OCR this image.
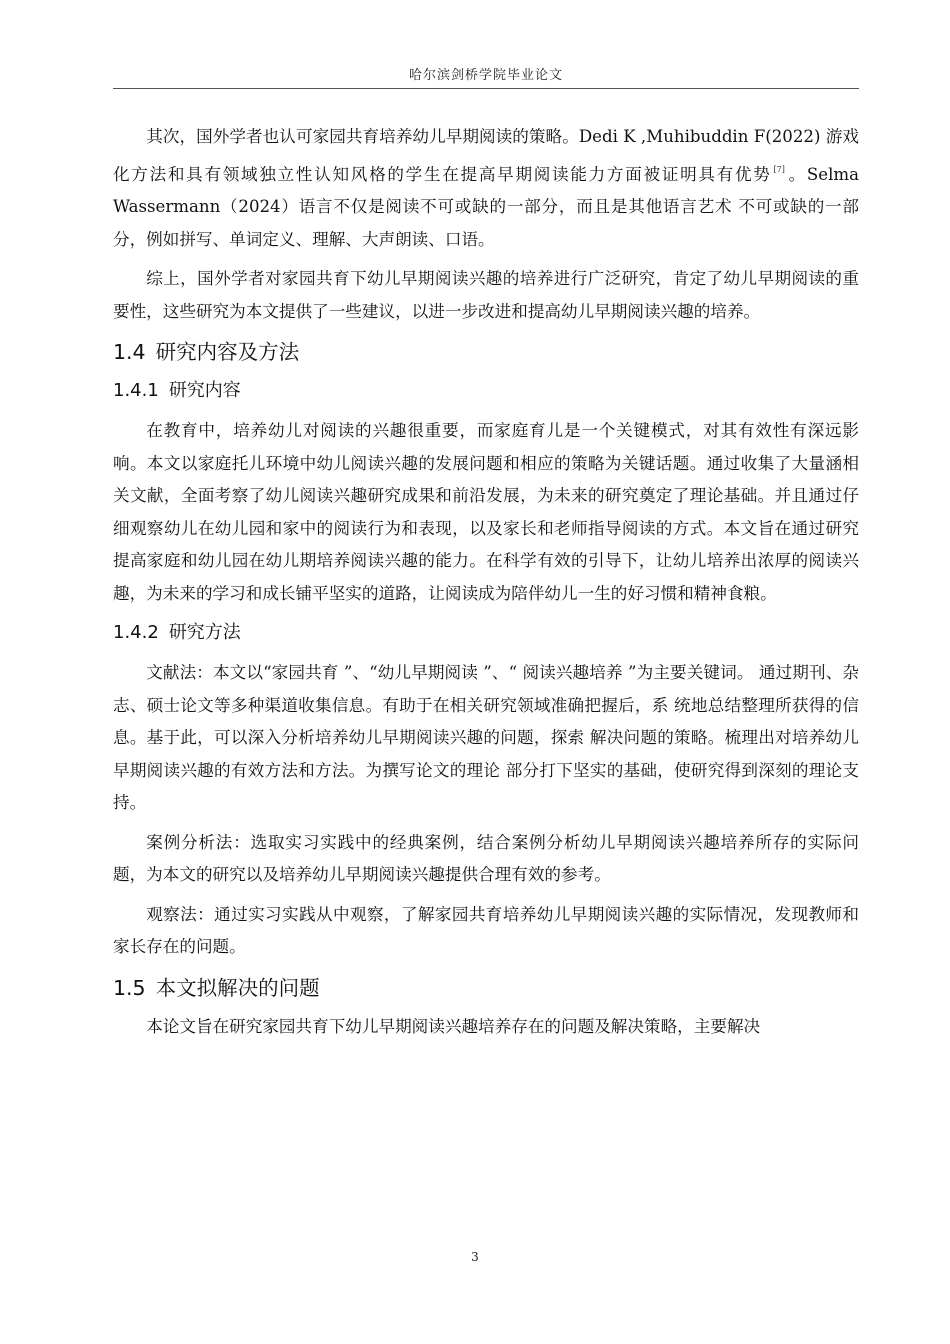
哈尔滨剑桥学院毕业论文

其次，国外学者也认可家园共育培养幼儿早期阅读的策略。Dedi K ,Muhibuddin F(2022) 游戏化方法和具有领域独立性认知风格的学生在提高早期阅读能力方面被证明具有优势 [7] 。Selma Wassermann（2024）语言不仅是阅读不可或缺的一部分，而且是其他语言艺术 不可或缺的一部分，例如拼写、单词定义、理解、大声朗读、口语。

综上，国外学者对家园共育下幼儿早期阅读兴趣的培养进行广泛研究，肯定了幼儿早期阅读的重要性，这些研究为本文提供了一些建议，以进一步改进和提高幼儿早期阅读兴趣的培养。

1.4 研究内容及方法
1.4.1 研究内容

在教育中，培养幼儿对阅读的兴趣很重要，而家庭育儿是一个关键模式，对其有效性有深远影响。本文以家庭托儿环境中幼儿阅读兴趣的发展问题和相应的策略为关键话题。通过收集了大量涵相关文献，全面考察了幼儿阅读兴趣研究成果和前沿发展，为未来的研究奠定了理论基础。并且通过仔细观察幼儿在幼儿园和家中的阅读行为和表现，以及家长和老师指导阅读的方式。本文旨在通过研究提高家庭和幼儿园在幼儿期培养阅读兴趣的能力。在科学有效的引导下，让幼儿培养出浓厚的阅读兴趣，为未来的学习和成长铺平坚实的道路，让阅读成为陪伴幼儿一生的好习惯和精神食粮。

1.4.2 研究方法

文献法：本文以“家园共育 ”、“幼儿早期阅读 ”、“ 阅读兴趣培养 ”为主要关键词。 通过期刊、杂志、硕士论文等多种渠道收集信息。有助于在相关研究领域准确把握后，系 统地总结整理所获得的信息。基于此，可以深入分析培养幼儿早期阅读兴趣的问题，探索 解决问题的策略。梳理出对培养幼儿早期阅读兴趣的有效方法和方法。为撰写论文的理论 部分打下坚实的基础，使研究得到深刻的理论支持。

案例分析法：选取实习实践中的经典案例，结合案例分析幼儿早期阅读兴趣培养所存的实际问题，为本文的研究以及培养幼儿早期阅读兴趣提供合理有效的参考。

观察法：通过实习实践从中观察，了解家园共育培养幼儿早期阅读兴趣的实际情况，发现教师和家长存在的问题。

1.5 本文拟解决的问题

本论文旨在研究家园共育下幼儿早期阅读兴趣培养存在的问题及解决策略，主要解决

3
